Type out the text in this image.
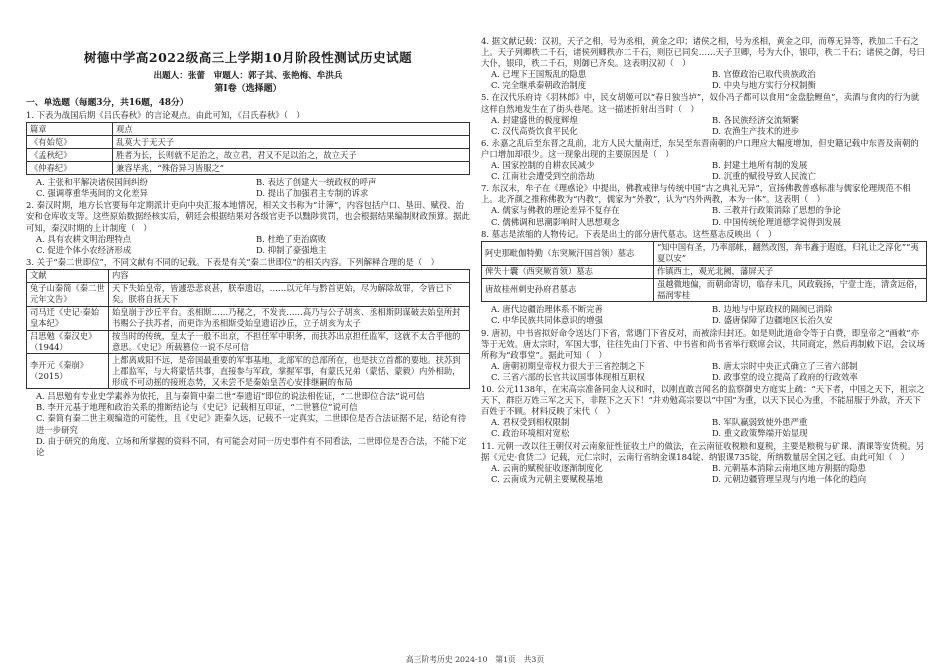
树德中学高2022级高三上学期10月阶段性测试历史试题
出题人：张蕾　审题人：郭子其、张艳梅、牟洪兵
第Ⅰ卷（选择题）
一、单选题（每题3分，共16题，48分）
1. 下表为战国后期《吕氏春秋》的言论观点。由此可知，《吕氏春秋》（　）
篇章	观点
《有始览》	乱莫大于无天子
《孟秋纪》	胜者为长，长则就不足治之，故立君，君又不足以治之，故立天子
《仲春纪》	兼容毕兆，“殊俗异习皆服之”
A. 主张和平解决诸侯国间纠纷	B. 表达了创建大一统政权的呼声
C. 强调尊重华夷间的文化差异	D. 提出了加强君主专制的诉求
2. 秦汉时期，地方长官要每年定期派计吏向中央汇报本地情况，相关文书称为“计簿”，内容包括户口、垦田、赋役、治安和仓库收支等。这些原始数据经核实后，朝廷会根据结果对各级官吏予以黜陟赏罚，也会根据结果编制财政预算。据此可知，秦汉时期的上计制度（　）
A. 具有农耕文明治理特点	B. 杜绝了吏治腐败
C. 促进个体小农经济形成	D. 抑制了豪强地主
3. 关于“秦二世即位”，不同文献有不同的记载。下表是有关“秦二世即位”的相关内容。下列解释合理的是（　）
文献	内容
兔子山秦简《秦二世元年文告》	天下失始皇帝，皆遽恐悲哀甚，朕奉遗诏，……以元年与黔首更始，尽为解除故罪，令皆已下矣。朕将自抚天下
司马迁《史记·秦始皇本纪》	始皇崩于沙丘平台。丞相斯……乃秘之，不发丧……高乃与公子胡亥、丞相斯阴谋破去始皇所封书赐公子扶苏者，而更诈为丞相斯受始皇遗诏沙丘，立子胡亥为太子
吕思勉《秦汉史》（1944）	按当时的传统，皇太子一般不出京，不担任军中职务，而扶苏出京担任监军，这就不太合乎他的意思。《史记》所载篡位一说不尽可信
李开元《秦崩》（2015）	上都离咸阳不远，是帝国最重要的军事基地，北部军的总部所在，也是扶立首都的要地。扶苏到上郡监军，与大将蒙恬共事，直接参与军政，掌握军事，有蒙氏兄弟（蒙恬、蒙毅）内外相助，形成不可动摇的接班态势，又未尝不是秦始皇苦心安排继嗣的布局
A. 吕思勉有专业史学素养为依托，且与秦简中秦二世“奉遗诏”即位的说法相佐证，“二世即位合法”说可信
B. 李开元基于地理和政治关系的推断结论与《史记》记载相互印证，“二世篡位”说可信
C. 秦简有秦二世主观编造的可能性，且《史记》距秦久远，记载不一定真实，二世即位是否合法证据不足，结论有待进一步研究
D. 由于研究的角度、立场和所掌握的资料不同，有可能会对同一历史事件有不同看法，二世即位是否合法，不能下定论
4. 据文献记载：汉初，天子之相，号为丞相，黄金之印；诸侯之相，号为丞相，黄金之印，而尊无异等，秩加二千石之上。天子列卿秩二千石，诸侯列卿秩亦二千石，则臣已同矣……天子卫卿，号为大仆，银印，秩二千石；诸侯之御，号曰大仆，银印，秩二千石，则御已齐矣。这表明汉初（　）
A. 已埋下王国叛乱的隐患	B. 官僚政治已取代贵族政治
C. 完全继承秦朝政治制度	D. 中央与地方实行分权制衡
5. 在汉代乐府诗《羽林郎》中，民女胡姬可以“春日独当垆”，奴仆冯子都可以食用“金盘脍鲤鱼”，卖酒与食肉的行为就这样自然地发生在了街头巷尾。这一描述折射出当时（　）
A. 封建盛世的极度辉煌	B. 各民族经济交流频繁
C. 汉代高赀饮食平民化	D. 农渔生产技术的进步
6. 永嘉之乱后至东晋之乱前，北方人民大量南迁，东吴至东晋南朝的户口理应大幅度增加，但史籍记载中东晋及南朝的户口增加却很少。这一现象出现的主要原因是（　）
A. 国家控制的自耕农民减少	B. 封建土地所有制的发展
C. 江南社会遭受到空前浩劫	D. 沉重的赋役导致人民流亡
7. 东汉末，牟子在《理惑论》中提出，佛教戒律与传统中国“古之典礼无异”，宣扬佛教普惑标准与儒家伦理规范不相上。北齐颜之推称佛教为“内教”，儒家为“外教”，认为“内外两教，本为一体”。这表明（　）
A. 儒家与佛教的理论差异不复存在	B. 三教并行政策消除了思想的争论
C. 儒佛调和思潮影响时人思想观念	D. 中国传统伦理道德学说得到发展
8. 墓志是浓缩的人物传记。下表是出土的部分唐代墓志。这些墓志反映出（　）
阿史那毗伽特勤（东突厥汗国首领）墓志	“知中国有圣，乃率部帐，翻然改图，奔韦鑫于遐庭，归礼让之淳化”“夷夏以安”
俾失十囊（西突厥首领）墓志	作镇西土，观光北阙，藩屏天子
唐故桂州刺史孙府君墓志	虽越微地偏，而朝命寄切，临存未几，风政载扬，宁壹士连，清贪远俗，福润零桂
A. 唐代边疆治理体系不断完善	B. 边地与中原政权的隔阂已消除
C. 中华民族共同体意识的增强	D. 盛唐保障了边疆地区长治久安
9. 唐初，中书省拟好命令送达门下省，常遇门下省反对，而被涂归封还。如是则此道命令等于白费，即皇帝之“画敕”亦等于无效。唐太宗时，军国大事，往往先由门下省、中书省和尚书省举行联席会议，共同商定，然后再制敕下诏，会议场所称为“政事堂”。据此可知（　）
A. 唐朝初期皇帝权力很大于三省控制之下	B. 唐太宗时中央正式确立了三省六部制
C. 三省六部的长官共议国事体现相互职权	D. 政事堂的设立提高了政府的行政效率
10. 公元1138年，在宋高宗准备同金人议和时，以刚直敢言闻名的监察御史方庭实上疏：“天下者，中国之天下，祖宗之天下，群臣万姓三军之天下，非陛下之天下！”并劝勉高宗要以“中国”为重，以天下民心为重，不能屈服于外敌，齐天下百姓于不顾。材料反映了宋代（　）
A. 君权受到相权限制	B. 军队赢弱致使外患严重
C. 政治环境相对宽松	D. 重文政策弊端开始显现
11. 元朝一改以往王朝仅对云南象征性征收土户的做法，在云南征收税粮和夏税，主要是粮税与矿课、酒课等安货税。另据《元史·食货二》记载，元仁宗时，云南行省纳金课184锭、纳银课735锭，所纳数量居全国之冠。由此可知（　）
A. 云南的赋税征收逐渐制度化	B. 元朝基本消除云南地区地方割据的隐患
C. 云南成为元朝主要赋税基地	D. 元朝边疆管理呈现与内地一体化的趋向
高三阶考历史 2024-10　第1页　共3页
